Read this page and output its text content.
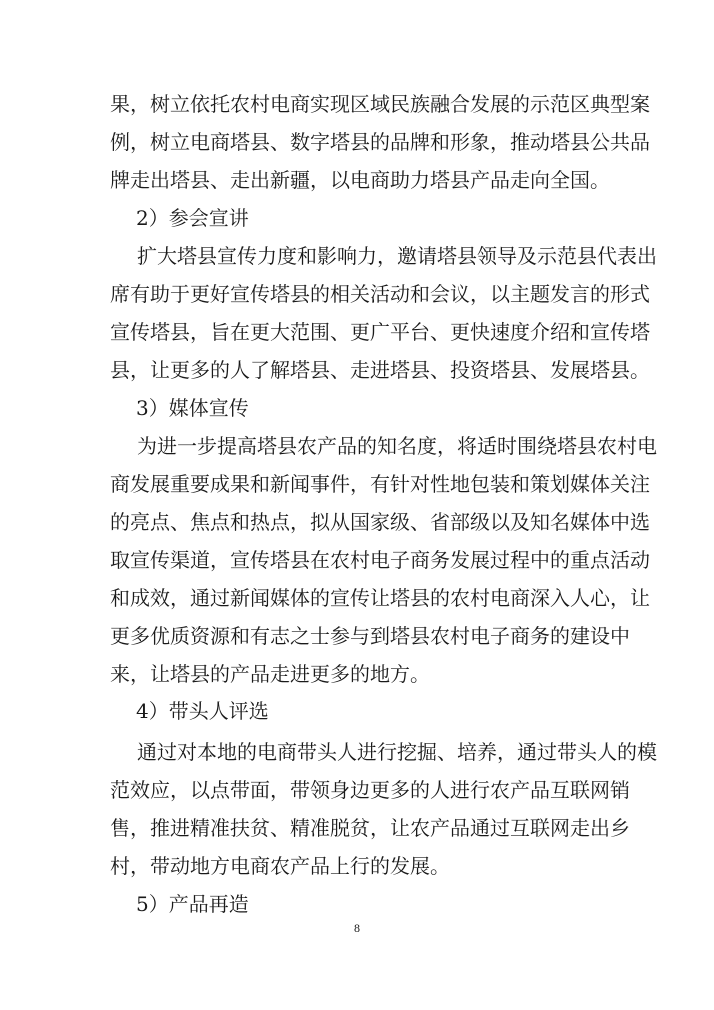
果，树立依托农村电商实现区域民族融合发展的示范区典型案
例，树立电商塔县、数字塔县的品牌和形象，推动塔县公共品
牌走出塔县、走出新疆，以电商助力塔县产品走向全国。
2）参会宣讲
扩大塔县宣传力度和影响力，邀请塔县领导及示范县代表出
席有助于更好宣传塔县的相关活动和会议，以主题发言的形式
宣传塔县，旨在更大范围、更广平台、更快速度介绍和宣传塔
县，让更多的人了解塔县、走进塔县、投资塔县、发展塔县。
3）媒体宣传
为进一步提高塔县农产品的知名度，将适时围绕塔县农村电
商发展重要成果和新闻事件，有针对性地包装和策划媒体关注
的亮点、焦点和热点，拟从国家级、省部级以及知名媒体中选
取宣传渠道，宣传塔县在农村电子商务发展过程中的重点活动
和成效，通过新闻媒体的宣传让塔县的农村电商深入人心，让
更多优质资源和有志之士参与到塔县农村电子商务的建设中
来，让塔县的产品走进更多的地方。
4）带头人评选
通过对本地的电商带头人进行挖掘、培养，通过带头人的模
范效应，以点带面，带领身边更多的人进行农产品互联网销
售，推进精准扶贫、精准脱贫，让农产品通过互联网走出乡
村，带动地方电商农产品上行的发展。
5）产品再造
8
